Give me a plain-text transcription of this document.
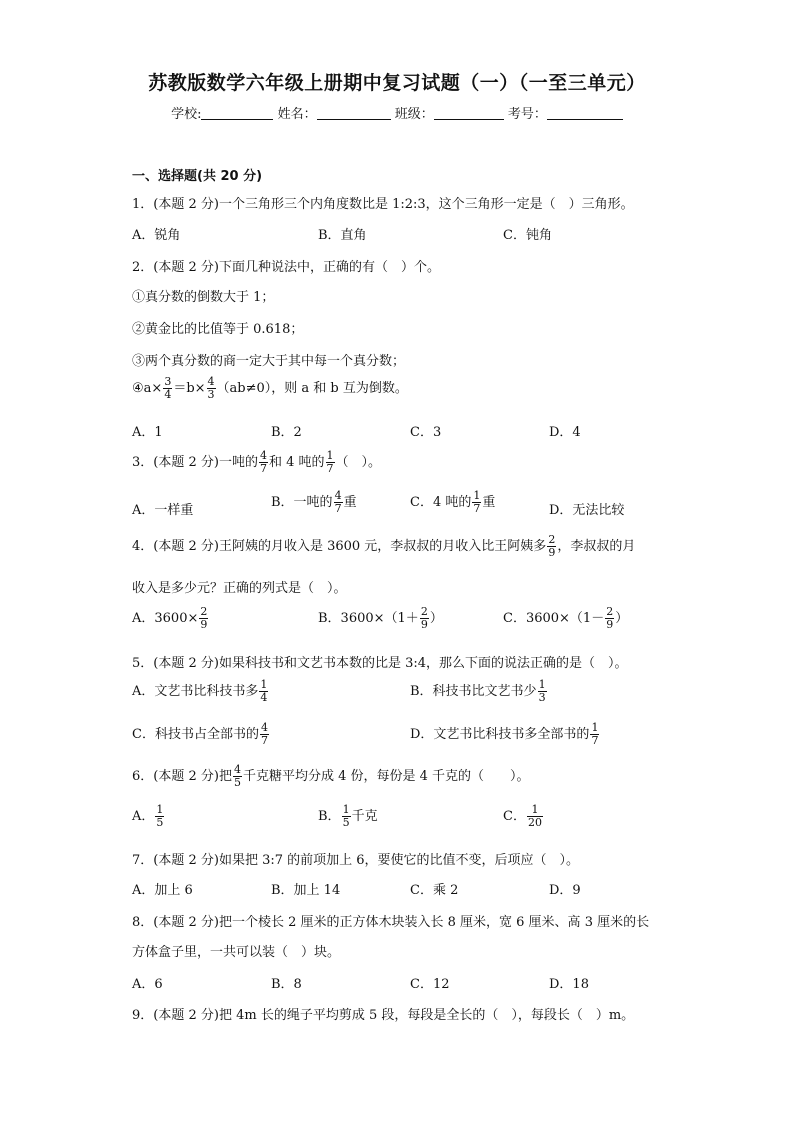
苏教版数学六年级上册期中复习试题（一）（一至三单元）
学校:	姓名：	班级：	考号：
一、选择题(共 20 分)
1．(本题 2 分)一个三角形三个内角度数比是 1:2:3，这个三角形一定是（　）三角形。
A．锐角	B．直角	C．钝角
2．(本题 2 分)下面几种说法中，正确的有（　）个。
①真分数的倒数大于 1；
②黄金比的比值等于 0.618；
③两个真分数的商一定大于其中每一个真分数；
④a× $\frac{3}{4} =b\times \frac{4}{3} (ab\ne 0)$，则 a 和 b 互为倒数。
A．1	B．2	C．3	D．4
3．(本题 2 分)一吨的 $\frac{4}{7}$ 和 4 吨的 $\frac{1}{7}$ （　）。
A．一样重
B．一吨的 $\frac{4}{7}$ 重	C．4 吨的 $\frac{1}{7}$ 重
D．无法比较
4．(本题 2 分)王阿姨的月收入是 3600 元，李叔叔的月收入比王阿姨多 $\frac{2}{9}$ ，李叔叔的月
收入是多少元？正确的列式是（　）。
A．$3600\times \frac{2}{9}$	B．$3600\times(1+ \frac{2}{9}$ ）	C．$3600\times(1- \frac{2}{9}$ ）
5．(本题 2 分)如果科技书和文艺书本数的比是 3:4，那么下面的说法正确的是（　）。
A．文艺书比科技书多 $\frac{1}{4}$	B．科技书比文艺书少 $\frac{1}{3}$
C．科技书占全部书的 $\frac{4}{7}$	D．文艺书比科技书多全部书的 $\frac{1}{7}$
6．(本题 2 分)把 $\frac{4}{5}$ 千克糖平均分成 4 份，每份是 4 千克的（　　）。
A． $\frac{1}{5}$	B． $\frac{1}{5}$ 千克	C． $\frac{1}{20}$
7．(本题 2 分)如果把 3:7 的前项加上 6，要使它的比值不变，后项应（　）。
A．加上 6	B．加上 14	C．乘 2	D．9
8．(本题 2 分)把一个棱长 2 厘米的正方体木块装入长 8 厘米，宽 6 厘米、高 3 厘米的长
方体盒子里，一共可以装（　）块。
A．6	B．8	C．12	D．18
9．(本题 2 分)把 4m 长的绳子平均剪成 5 段，每段是全长的（　），每段长（　）m。
